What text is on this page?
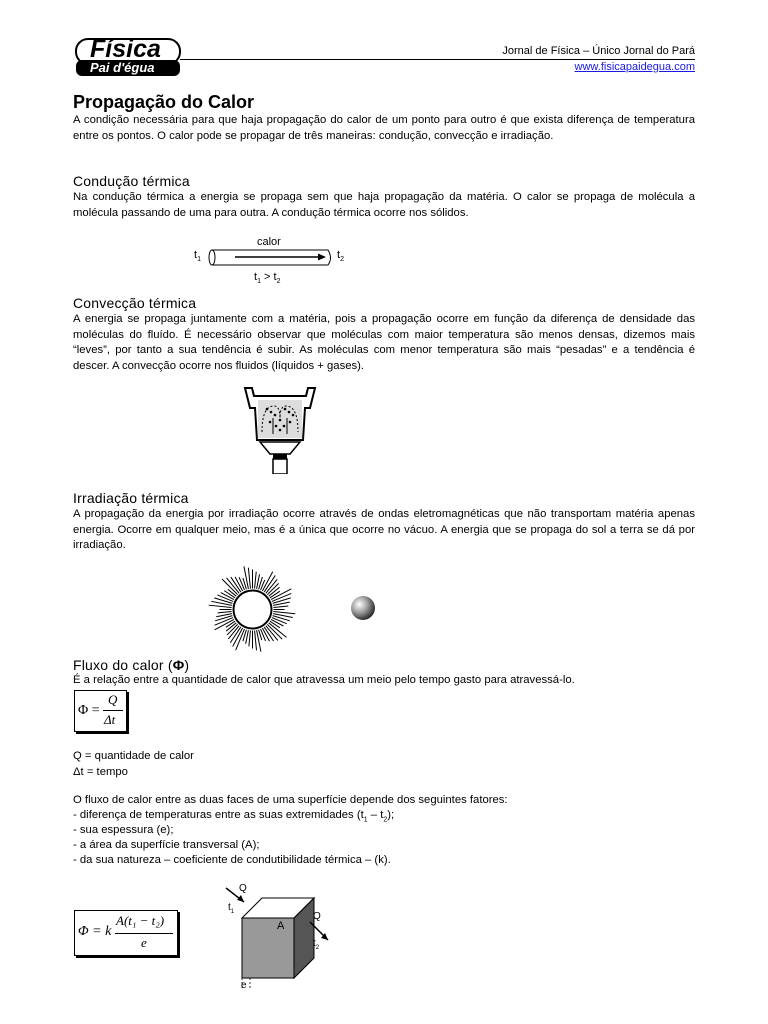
Física
Pai d'égua
Jornal de Física – Único Jornal do Pará
www.fisicapaidegua.com
Propagação do Calor

A condição necessária para que haja propagação do calor de um ponto para outro é que exista diferença de temperatura entre os pontos. O calor pode se propagar de três maneiras: condução, convecção e irradiação.

Condução térmica

Na condução térmica a energia se propaga sem que haja propagação da matéria. O calor se propaga de molécula a molécula passando de uma para outra. A condução térmica ocorre nos sólidos.

calor
$t_1$	$t_2$
$t_1 > t_2$
Convecção térmica

A energia se propaga juntamente com a matéria, pois a propagação ocorre em função da diferença de densidade das moléculas do fluído. É necessário observar que moléculas com maior temperatura são menos densas, dizemos mais “leves”, por tanto a sua tendência é subir. As moléculas com menor temperatura são mais “pesadas” e a tendência é descer. A convecção ocorre nos fluidos (líquidos + gases).

Irradiação térmica

A propagação da energia por irradiação ocorre através de ondas eletromagnéticas que não transportam matéria apenas energia. Ocorre em qualquer meio, mas é a única que ocorre no vácuo. A energia que se propaga do sol a terra se dá por irradiação.

Fluxo do calor (Φ)

É a relação entre a quantidade de calor que atravessa um meio pelo tempo gasto para atravessá-lo.

Φ =
Q
Δt
Q = quantidade de calor
Δt = tempo
O fluxo de calor entre as duas faces de uma superfície depende dos seguintes fatores:
- diferença de temperaturas entre as suas extremidades $(t_1 - t_2)$;
- sua espessura (e);
- a área da superfície transversal (A);
- da sua natureza – coeficiente de condutibilidade térmica – (k).
Φ = k
A(t₁ − t₂)
e
Q
$t_1$
A
Q
$t_2$
e
